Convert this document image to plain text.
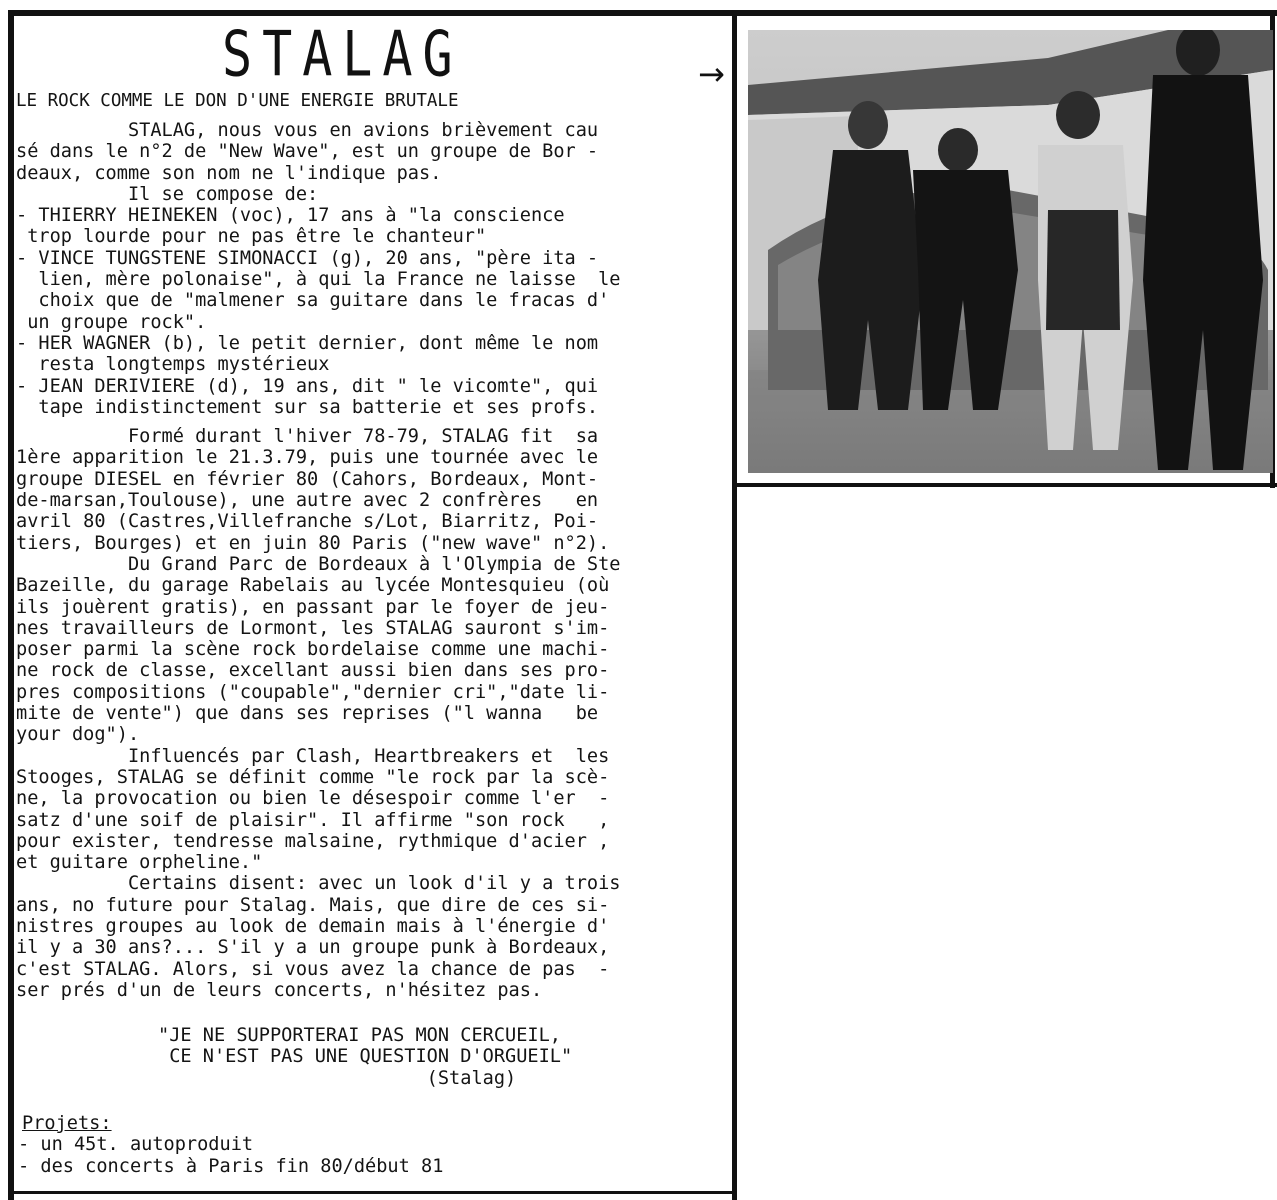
STALAG
LE ROCK COMME LE DON D'UNE ENERGIE BRUTALE
→
STALAG, nous vous en avions brièvement cau
sé dans le n°2 de "New Wave", est un groupe de Bor -
deaux, comme son nom ne l'indique pas.
Il se compose de:
- THIERRY HEINEKEN (voc), 17 ans à "la conscience
trop lourde pour ne pas être le chanteur"
- VINCE TUNGSTENE SIMONACCI (g), 20 ans, "père ita -
lien, mère polonaise", à qui la France ne laisse  le
choix que de "malmener sa guitare dans le fracas d'
un groupe rock".
- HER WAGNER (b), le petit dernier, dont même le nom
resta longtemps mystérieux
- JEAN DERIVIERE (d), 19 ans, dit " le vicomte", qui
tape indistinctement sur sa batterie et ses profs.
Formé durant l'hiver 78-79, STALAG fit  sa
1ère apparition le 21.3.79, puis une tournée avec le
groupe DIESEL en février 80 (Cahors, Bordeaux, Mont-
de-marsan,Toulouse), une autre avec 2 confrères   en
avril 80 (Castres,Villefranche s/Lot, Biarritz, Poi-
tiers, Bourges) et en juin 80 Paris ("new wave" n°2).
Du Grand Parc de Bordeaux à l'Olympia de Ste
Bazeille, du garage Rabelais au lycée Montesquieu (où
ils jouèrent gratis), en passant par le foyer de jeu-
nes travailleurs de Lormont, les STALAG sauront s'im-
poser parmi la scène rock bordelaise comme une machi-
ne rock de classe, excellant aussi bien dans ses pro-
pres compositions ("coupable","dernier cri","date li-
mite de vente") que dans ses reprises ("l wanna   be
your dog").
Influencés par Clash, Heartbreakers et  les
Stooges, STALAG se définit comme "le rock par la scè-
ne, la provocation ou bien le désespoir comme l'er  -
satz d'une soif de plaisir". Il affirme "son rock   ,
pour exister, tendresse malsaine, rythmique d'acier ,
et guitare orpheline."
Certains disent: avec un look d'il y a trois
ans, no future pour Stalag. Mais, que dire de ces si-
nistres groupes au look de demain mais à l'énergie d'
il y a 30 ans?... S'il y a un groupe punk à Bordeaux,
c'est STALAG. Alors, si vous avez la chance de pas  -
ser prés d'un de leurs concerts, n'hésitez pas.
"JE NE SUPPORTERAI PAS MON CERCUEIL,
CE N'EST PAS UNE QUESTION D'ORGUEIL"
(Stalag)
Projets:
- un 45t. autoproduit
- des concerts à Paris fin 80/début 81
